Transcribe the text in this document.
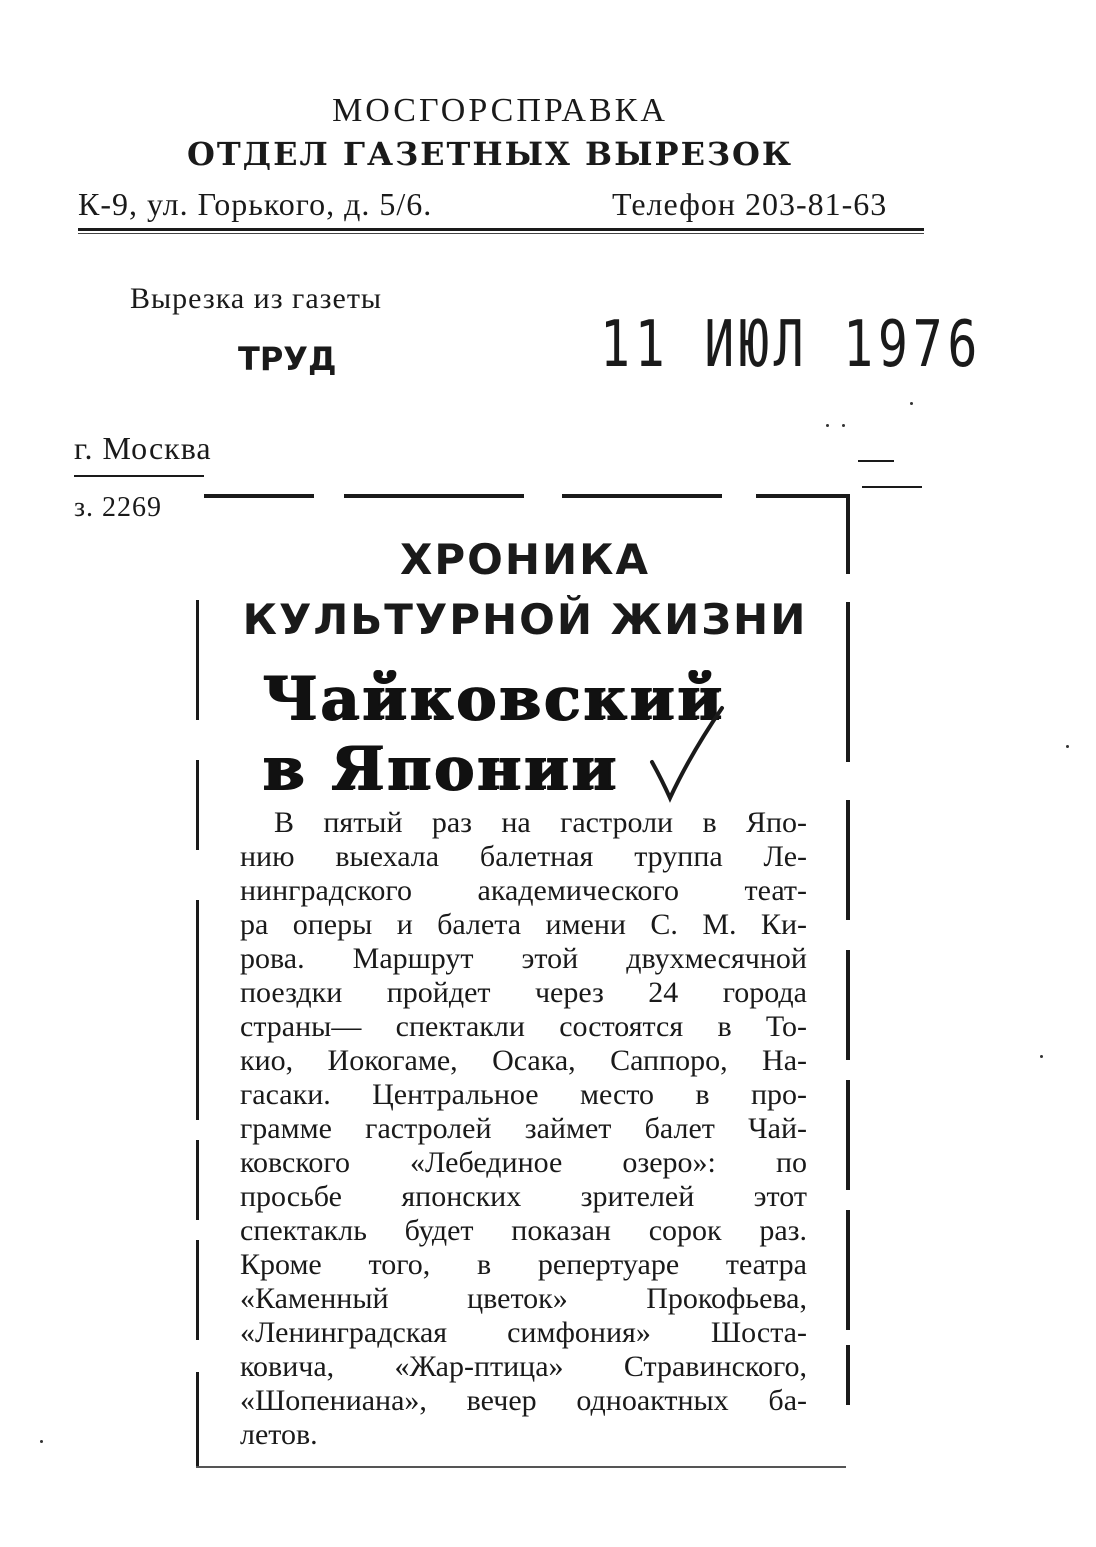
МОСГОРСПРАВКА
ОТДЕЛ ГАЗЕТНЫХ ВЫРЕЗОК
К-9, ул. Горького, д. 5/6.	Телефон 203-81-63
Вырезка из газеты
ТРУД	11 ИЮЛ 1976
г. Москва
з. 2269
ХРОНИКА
КУЛЬТУРНОЙ ЖИЗНИ
Чайковский
в Японии
В пятый раз на гастроли в Япо-
нию выехала балетная труппа Ле-
нинградского академического теат-
ра оперы и балета имени С. М. Ки-
рова. Маршрут этой двухмесячной
поездки пройдет через 24 города
страны— спектакли состоятся в То-
кио, Иокогаме, Осака, Саппоро, На-
гасаки. Центральное место в про-
грамме гастролей займет балет Чай-
ковского «Лебединое озеро»: по
просьбе японских зрителей этот
спектакль будет показан сорок раз.
Кроме того, в репертуаре театра
«Каменный цветок» Прокофьева,
«Ленинградская симфония» Шоста-
ковича, «Жар-птица» Стравинского,
«Шопениана», вечер одноактных ба-
летов.
